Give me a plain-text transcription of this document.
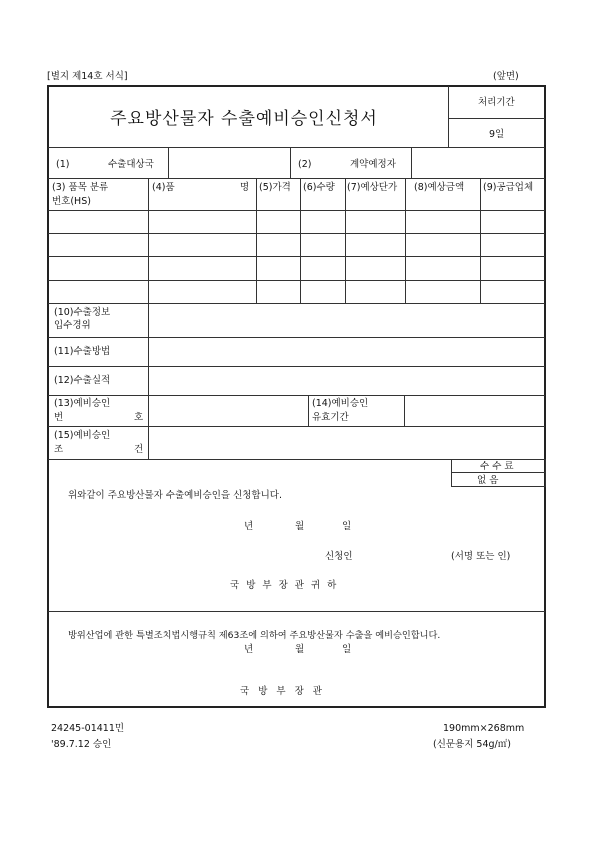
[별지 제14호 서식]	(앞면)
주요방산물자 수출예비승인신청서
처리기간
9일
(1)	수출대상국	(2)	계약예정자
(3) 품목 분류
번호(HS)
(4)품	명 (5)가격 (6)수량 (7)예상단가 (8)예상금액 (9)공급업체
(10)수출정보
입수경위
(11)수출방법
(12)수출실적
(13)예비승인
번	호
(14)예비승인
유효기간
(15)예비승인
조	건
수 수 료
없 음
위와같이 주요방산물자 수출예비승인을 신청합니다.
년	월	일
신청인	(서명 또는 인)
국 방 부 장 관 귀 하
방위산업에 관한 특별조치법시행규칙 제63조에 의하여 주요방산물자 수출을 예비승인합니다.
년	월	일
국 방 부 장 관
24245-01411민
'89.7.12 승인
190mm×268mm
(신문용지 54g/㎡)
